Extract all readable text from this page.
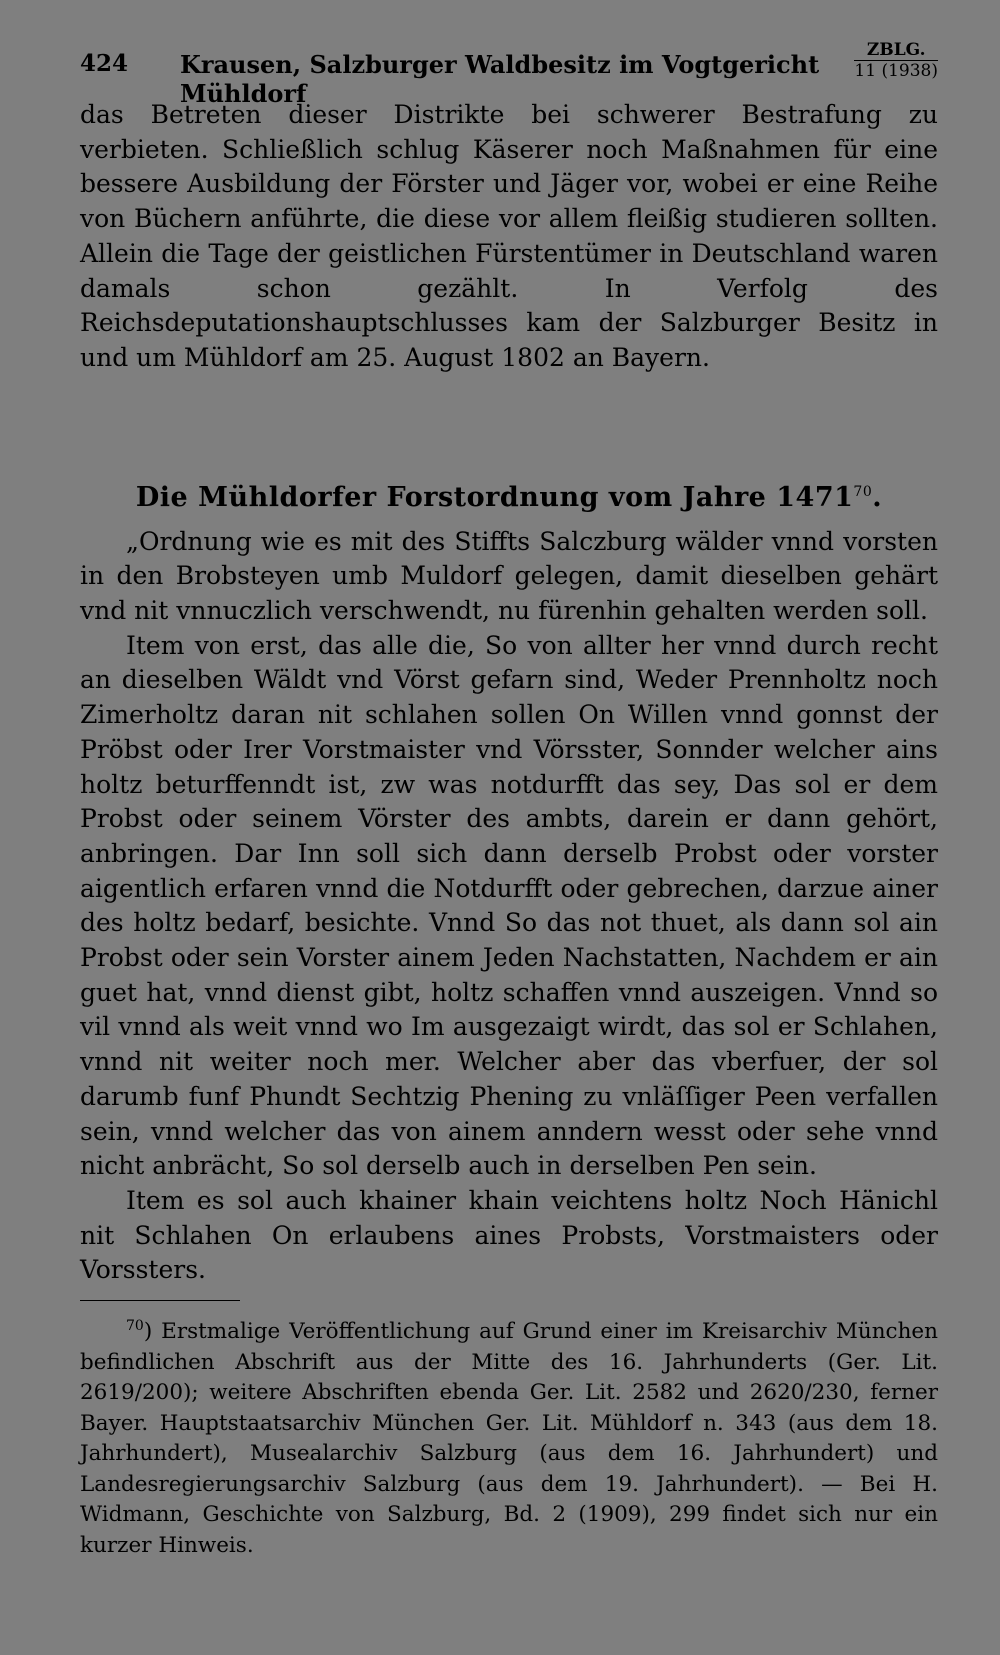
424 Krausen, Salzburger Waldbesitz im Vogtgericht Mühldorf
ZBLG.
11 (1938)

das Betreten dieser Distrikte bei schwerer Bestrafung zu verbieten. Schließlich schlug Käserer noch Maßnahmen für eine bessere Ausbildung der Förster und Jäger vor, wobei er eine Reihe von Büchern anführte, die diese vor allem fleißig studieren sollten. Allein die Tage der geistlichen Fürstentümer in Deutschland waren damals schon gezählt. In Verfolg des Reichsdeputationshauptschlusses kam der Salzburger Besitz in und um Mühldorf am 25. August 1802 an Bayern.

Die Mühldorfer Forstordnung vom Jahre 1471$^{70}$.

„Ordnung wie es mit des Stiffts Salczburg wälder vnnd vorsten in den Brobsteyen umb Muldorf gelegen, damit dieselben gehärt vnd nit vnnuczlich verschwendt, nu fürenhin gehalten werden soll.

Item von erst, das alle die, So von allter her vnnd durch recht an dieselben Wäldt vnd Vörst gefarn sind, Weder Prennholtz noch Zimerholtz daran nit schlahen sollen On Willen vnnd gonnst der Pröbst oder Irer Vorstmaister vnd Vörsster, Sonnder welcher ains holtz beturffenndt ist, zw was notdurfft das sey, Das sol er dem Probst oder seinem Vörster des ambts, darein er dann gehört, anbringen. Dar Inn soll sich dann derselb Probst oder vorster aigentlich erfaren vnnd die Notdurfft oder gebrechen, darzue ainer des holtz bedarf, besichte. Vnnd So das not thuet, als dann sol ain Probst oder sein Vorster ainem Jeden Nachstatten, Nachdem er ain guet hat, vnnd dienst gibt, holtz schaffen vnnd auszeigen. Vnnd so vil vnnd als weit vnnd wo Im ausgezaigt wirdt, das sol er Schlahen, vnnd nit weiter noch mer. Welcher aber das vberfuer, der sol darumb funf Phundt Sechtzig Phening zu vnläſſiger Peen verfallen sein, vnnd welcher das von ainem anndern wesst oder sehe vnnd nicht anbrächt, So sol derselb auch in derselben Pen sein.

Item es sol auch khainer khain veichtens holtz Noch Hänichl nit Schlahen On erlaubens aines Probsts, Vorstmaisters oder Vorssters.

$^{70}$) Erstmalige Veröffentlichung auf Grund einer im Kreisarchiv München befindlichen Abschrift aus der Mitte des 16. Jahrhunderts (Ger. Lit. 2619/200); weitere Abschriften ebenda Ger. Lit. 2582 und 2620/230, ferner Bayer. Hauptstaatsarchiv München Ger. Lit. Mühldorf n. 343 (aus dem 18. Jahrhundert), Musealarchiv Salzburg (aus dem 16. Jahrhundert) und Landesregierungsarchiv Salzburg (aus dem 19. Jahrhundert). — Bei H. Widmann, Geschichte von Salzburg, Bd. 2 (1909), 299 findet sich nur ein kurzer Hinweis.
